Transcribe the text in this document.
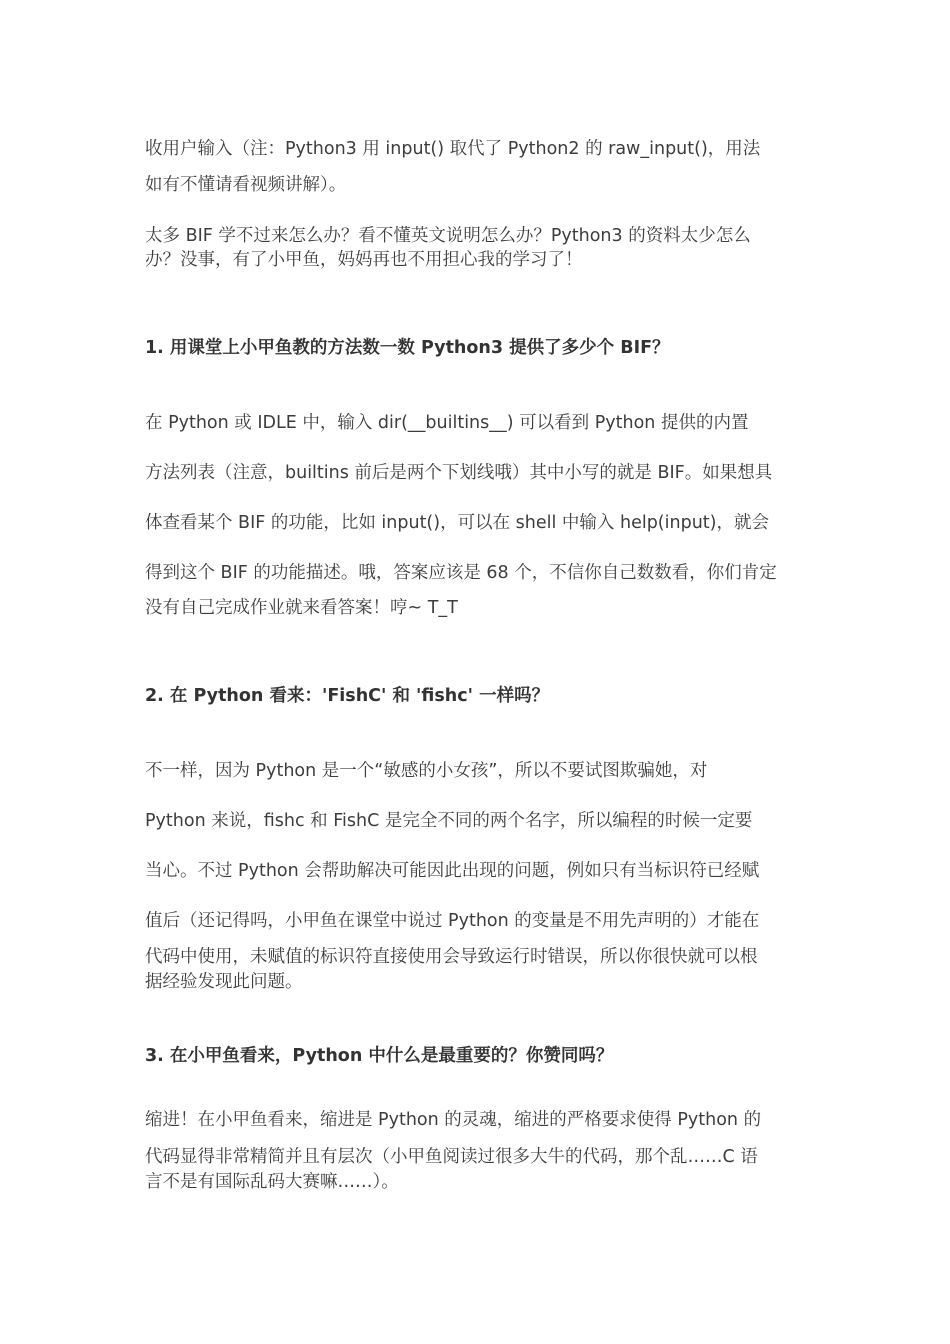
收用户输入（注：Python3 用 input() 取代了 Python2 的 raw_input()，用法
如有不懂请看视频讲解）。
太多 BIF 学不过来怎么办？看不懂英文说明怎么办？Python3 的资料太少怎么
办？没事，有了小甲鱼，妈妈再也不用担心我的学习了！
1. 用课堂上小甲鱼教的方法数一数 Python3 提供了多少个 BIF？
在 Python 或 IDLE 中，输入 dir(__builtins__) 可以看到 Python 提供的内置
方法列表（注意，builtins 前后是两个下划线哦）其中小写的就是 BIF。如果想具
体查看某个 BIF 的功能，比如 input()，可以在 shell 中输入 help(input)，就会
得到这个 BIF 的功能描述。哦，答案应该是 68 个，不信你自己数数看，你们肯定
没有自己完成作业就来看答案！哼~ T_T
2. 在 Python 看来：'FishC' 和 'fishc' 一样吗？
不一样，因为 Python 是一个“敏感的小女孩”，所以不要试图欺骗她，对
Python 来说，fishc 和 FishC 是完全不同的两个名字，所以编程的时候一定要
当心。不过 Python 会帮助解决可能因此出现的问题，例如只有当标识符已经赋
值后（还记得吗，小甲鱼在课堂中说过 Python 的变量是不用先声明的）才能在
代码中使用，未赋值的标识符直接使用会导致运行时错误，所以你很快就可以根
据经验发现此问题。
3. 在小甲鱼看来，Python 中什么是最重要的？你赞同吗？
缩进！在小甲鱼看来，缩进是 Python 的灵魂，缩进的严格要求使得 Python 的
代码显得非常精简并且有层次（小甲鱼阅读过很多大牛的代码，那个乱……C 语
言不是有国际乱码大赛嘛……）。
